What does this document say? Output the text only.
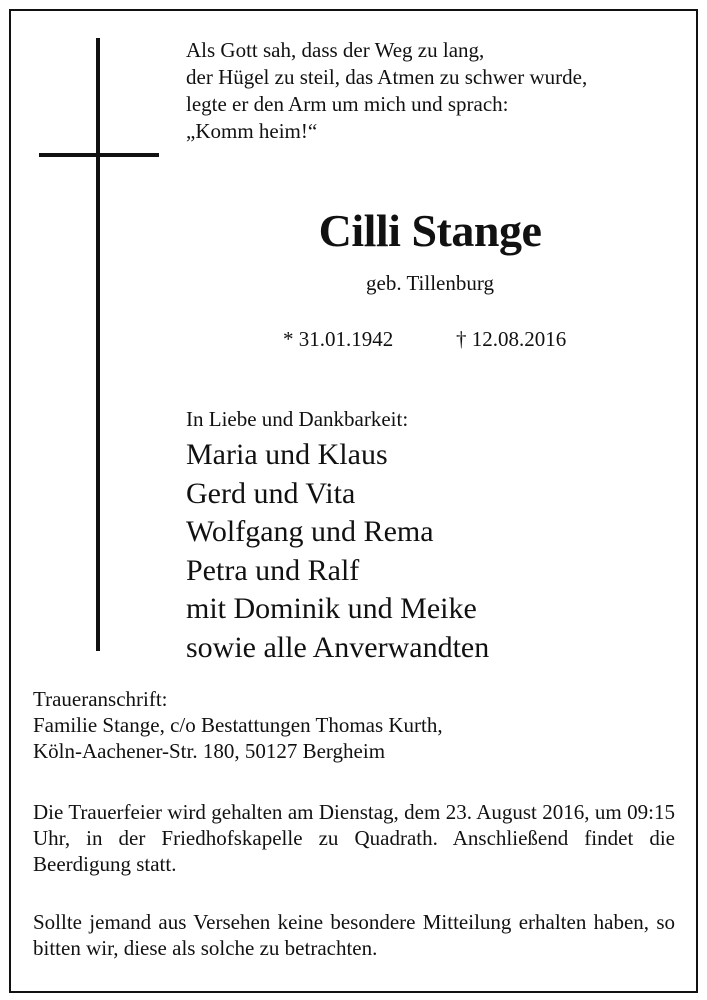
Als Gott sah, dass der Weg zu lang,
der Hügel zu steil, das Atmen zu schwer wurde,
legte er den Arm um mich und sprach:
„Komm heim!“
Cilli Stange
geb. Tillenburg
* 31.01.1942	† 12.08.2016
In Liebe und Dankbarkeit:
Maria und Klaus
Gerd und Vita
Wolfgang und Rema
Petra und Ralf
mit Dominik und Meike
sowie alle Anverwandten
Traueranschrift:
Familie Stange, c/o Bestattungen Thomas Kurth,
Köln-Aachener-Str. 180, 50127 Bergheim
Die Trauerfeier wird gehalten am Dienstag, dem 23. August 2016, um 09:15 Uhr, in der Friedhofskapelle zu Quadrath. Anschließend findet die Beerdigung statt.
Sollte jemand aus Versehen keine besondere Mitteilung erhalten haben, so bitten wir, diese als solche zu betrachten.
